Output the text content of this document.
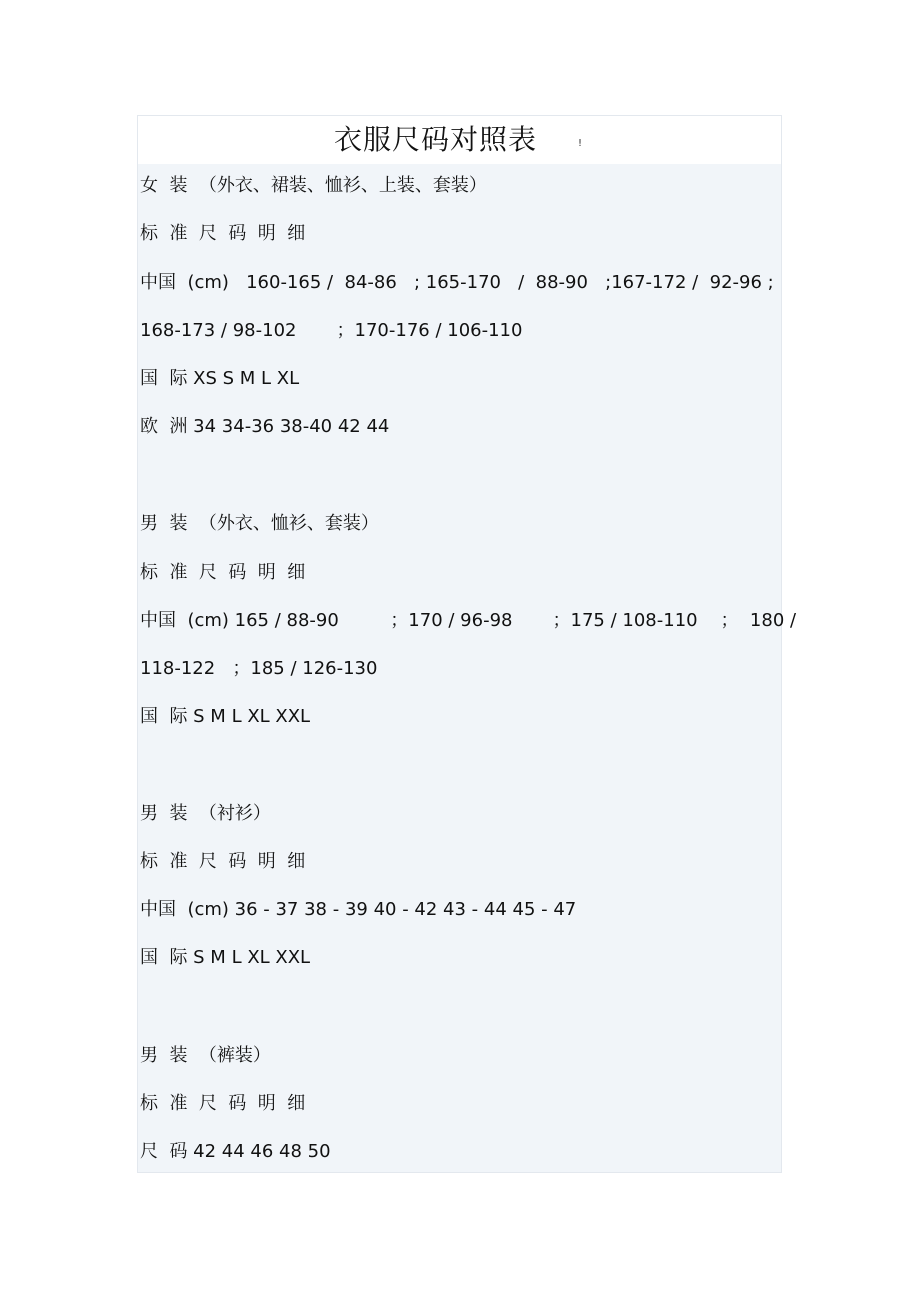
衣服尺码对照表	!
女  装  （外衣、裙装、恤衫、上装、套装）
标  准  尺  码  明  细
中国  (cm)   160-165 /  84-86   ; 165-170   /  88-90   ;167-172 /  92-96 ;
168-173 / 98-102       ；170-176 / 106-110
国  际 XS S M L XL
欧  洲 34 34-36 38-40 42 44
男  装  （外衣、恤衫、套装）
标  准  尺  码  明  细
中国  (cm) 165 / 88-90         ；170 / 96-98       ；175 / 108-110    ；  180 /
118-122   ；185 / 126-130
国  际 S M L XL XXL
男  装  （衬衫）
标  准  尺  码  明  细
中国  (cm) 36 - 37 38 - 39 40 - 42 43 - 44 45 - 47
国  际 S M L XL XXL
男  装  （裤装）
标  准  尺  码  明  细
尺  码 42 44 46 48 50
